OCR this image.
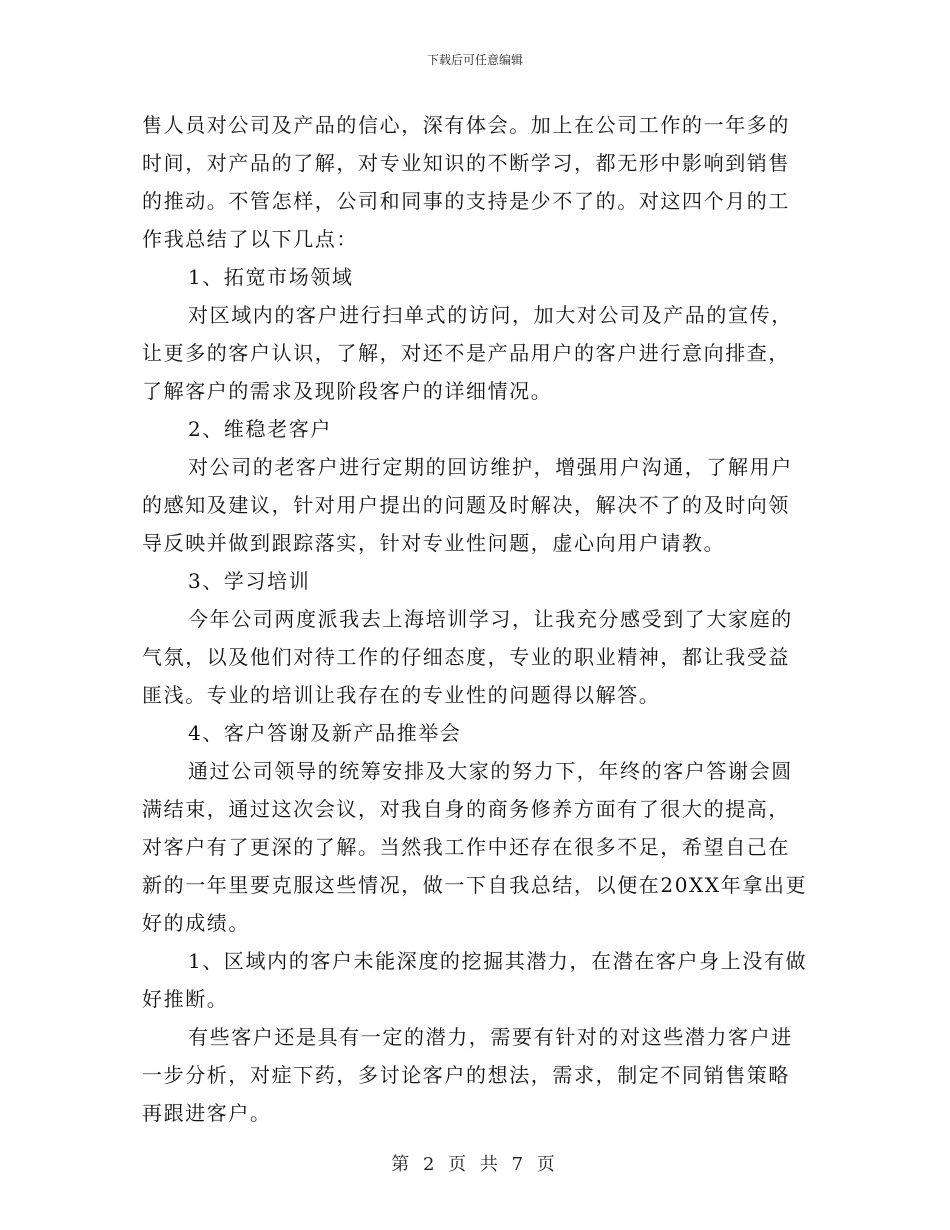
下载后可任意编辑

售人员对公司及产品的信心，深有体会。加上在公司工作的一年多的时间，对产品的了解，对专业知识的不断学习，都无形中影响到销售的推动。不管怎样，公司和同事的支持是少不了的。对这四个月的工作我总结了以下几点：

1、拓宽市场领域

对区域内的客户进行扫单式的访问，加大对公司及产品的宣传，让更多的客户认识，了解，对还不是产品用户的客户进行意向排查，了解客户的需求及现阶段客户的详细情况。

2、维稳老客户

对公司的老客户进行定期的回访维护，增强用户沟通，了解用户的感知及建议，针对用户提出的问题及时解决，解决不了的及时向领导反映并做到跟踪落实，针对专业性问题，虚心向用户请教。

3、学习培训

今年公司两度派我去上海培训学习，让我充分感受到了大家庭的气氛，以及他们对待工作的仔细态度，专业的职业精神，都让我受益匪浅。专业的培训让我存在的专业性的问题得以解答。

4、客户答谢及新产品推举会

通过公司领导的统筹安排及大家的努力下，年终的客户答谢会圆满结束，通过这次会议，对我自身的商务修养方面有了很大的提高，对客户有了更深的了解。当然我工作中还存在很多不足，希望自己在新的一年里要克服这些情况，做一下自我总结，以便在20XX年拿出更好的成绩。

1、区域内的客户未能深度的挖掘其潜力，在潜在客户身上没有做好推断。

有些客户还是具有一定的潜力，需要有针对的对这些潜力客户进一步分析，对症下药，多讨论客户的想法，需求，制定不同销售策略再跟进客户。

第 2 页 共 7 页
